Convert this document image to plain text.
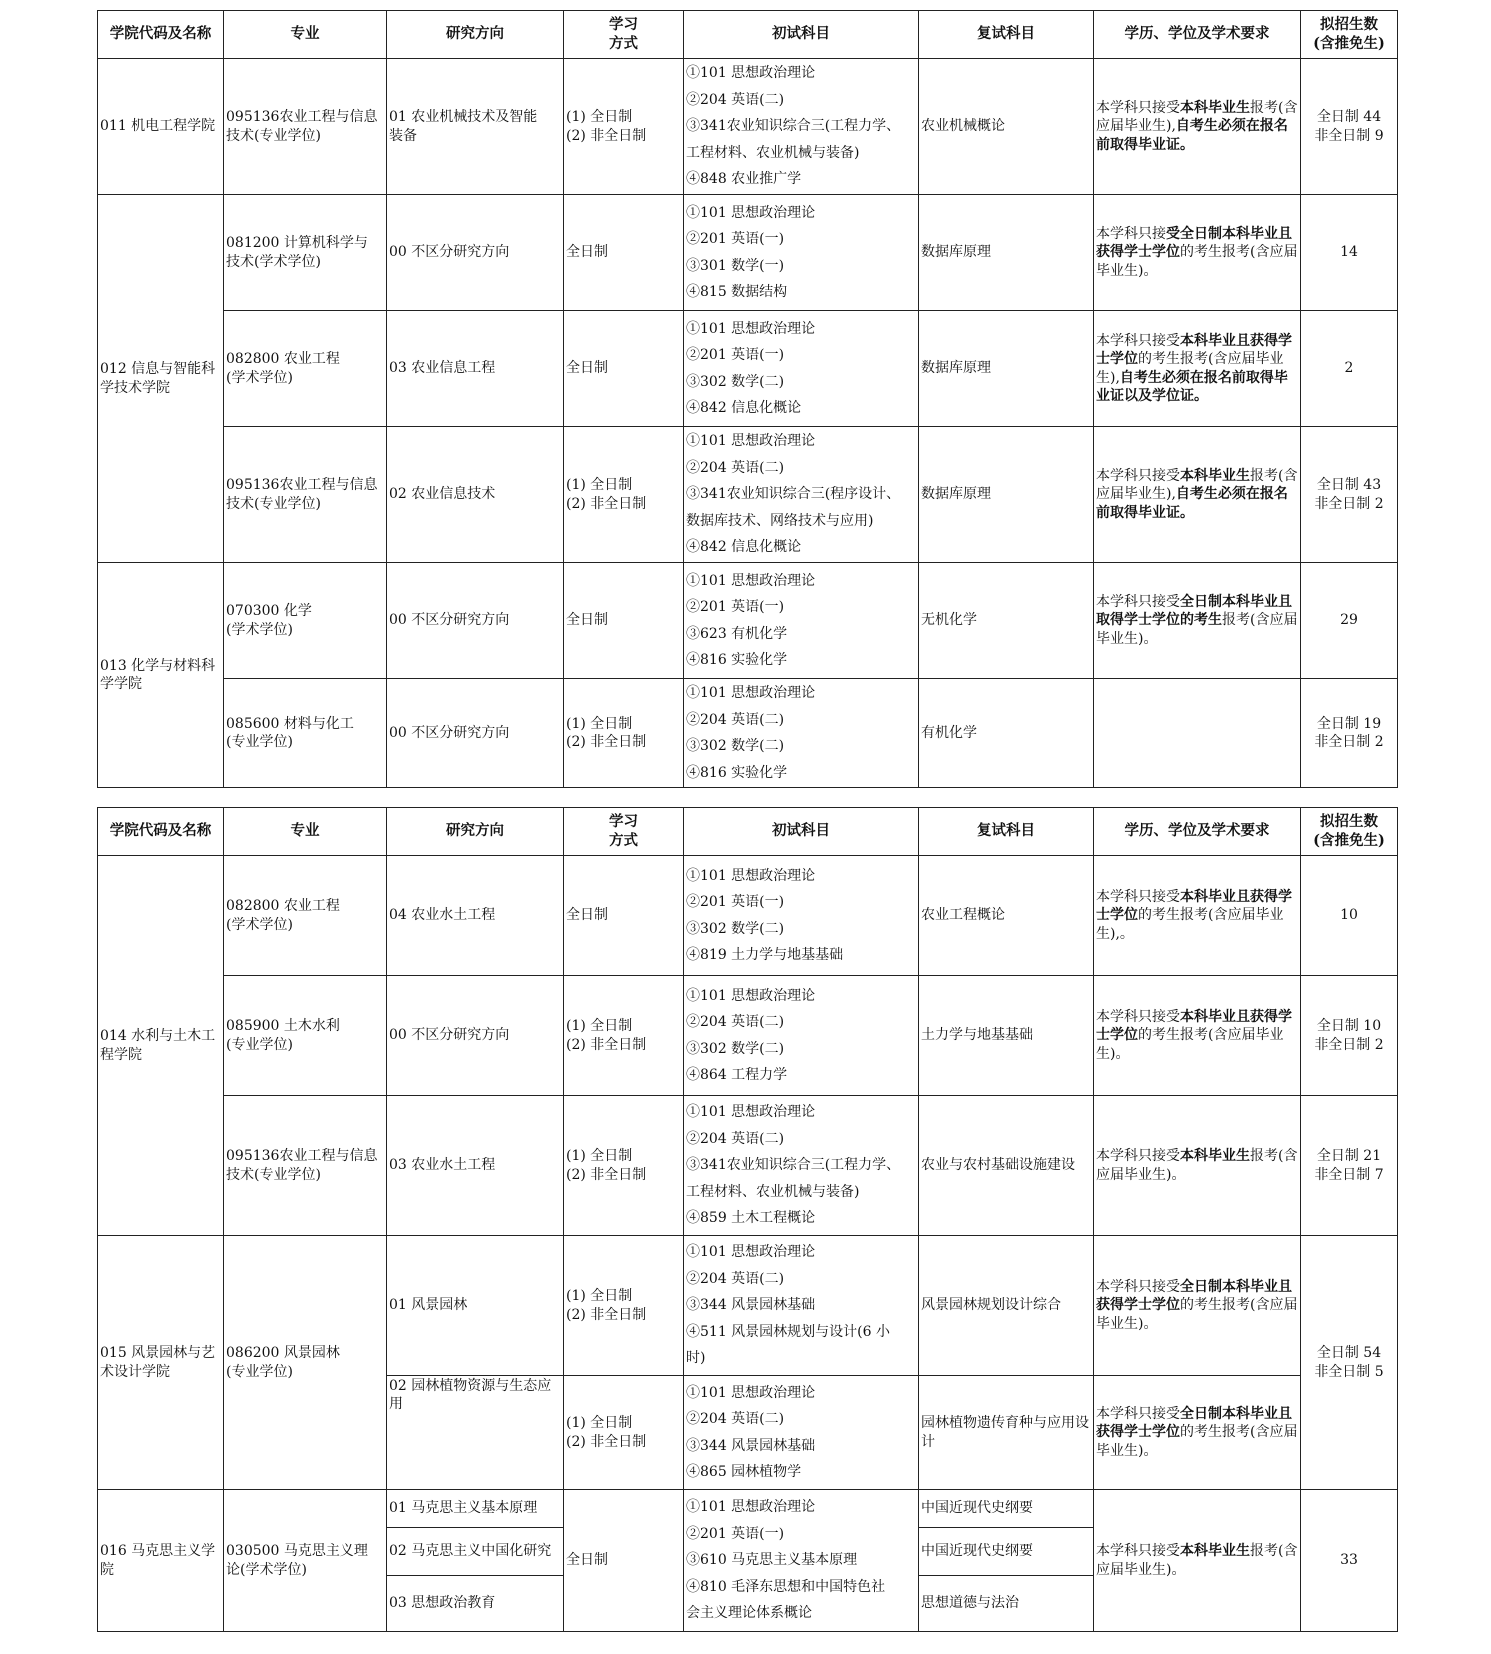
学院代码及名称	专业	研究方向	学习
方式	初试科目	复试科目	学历、学位及学术要求	拟招生数
(含推免生)

011 机电工程学院	095136农业工程与信息
技术(专业学位)	01 农业机械技术及智能
装备	(1) 全日制
(2) 非全日制	①101 思想政治理论
②204 英语(二)
③341农业知识综合三(工程力学、
工程材料、农业机械与装备)
④848 农业推广学	农业机械概论	本学科只接受本科毕业生报考(含应届毕业生),自考生必须在报名前取得毕业证。	全日制 44
非全日制 9

012 信息与智能科学技术学院	081200 计算机科学与
技术(学术学位)	00 不区分研究方向	全日制	①101 思想政治理论
②201 英语(一)
③301 数学(一)
④815 数据结构	数据库原理	本学科只接受全日制本科毕业且获得学士学位的考生报考(含应届毕业生)。	14

	082800 农业工程
(学术学位)	03 农业信息工程	全日制	①101 思想政治理论
②201 英语(一)
③302 数学(二)
④842 信息化概论	数据库原理	本学科只接受本科毕业且获得学士学位的考生报考(含应届毕业生),自考生必须在报名前取得毕业证以及学位证。	2

	095136农业工程与信息
技术(专业学位)	02 农业信息技术	(1) 全日制
(2) 非全日制	①101 思想政治理论
②204 英语(二)
③341农业知识综合三(程序设计、
数据库技术、网络技术与应用)
④842 信息化概论	数据库原理	本学科只接受本科毕业生报考(含应届毕业生),自考生必须在报名前取得毕业证。	全日制 43
非全日制 2

013 化学与材料科学学院	070300 化学
(学术学位)	00 不区分研究方向	全日制	①101 思想政治理论
②201 英语(一)
③623 有机化学
④816 实验化学	无机化学	本学科只接受全日制本科毕业且取得学士学位的考生报考(含应届毕业生)。	29

	085600 材料与化工
(专业学位)	00 不区分研究方向	(1) 全日制
(2) 非全日制	①101 思想政治理论
②204 英语(二)
③302 数学(二)
④816 实验化学	有机化学		全日制 19
非全日制 2
学院代码及名称	专业	研究方向	学习
方式	初试科目	复试科目	学历、学位及学术要求	拟招生数
(含推免生)

014 水利与土木工程学院	082800 农业工程
(学术学位)	04 农业水土工程	全日制	①101 思想政治理论
②201 英语(一)
③302 数学(二)
④819 土力学与地基基础	农业工程概论	本学科只接受本科毕业且获得学士学位的考生报考(含应届毕业生),。	10

	085900 土木水利
(专业学位)	00 不区分研究方向	(1) 全日制
(2) 非全日制	①101 思想政治理论
②204 英语(二)
③302 数学(二)
④864 工程力学	土力学与地基基础	本学科只接受本科毕业且获得学士学位的考生报考(含应届毕业生)。	全日制 10
非全日制 2

	095136农业工程与信息
技术(专业学位)	03 农业水土工程	(1) 全日制
(2) 非全日制	①101 思想政治理论
②204 英语(二)
③341农业知识综合三(工程力学、
工程材料、农业机械与装备)
④859 土木工程概论	农业与农村基础设施建设	本学科只接受本科毕业生报考(含应届毕业生)。	全日制 21
非全日制 7

015 风景园林与艺术设计学院	086200 风景园林
(专业学位)	01 风景园林	(1) 全日制
(2) 非全日制	①101 思想政治理论
②204 英语(二)
③344 风景园林基础
④511 风景园林规划与设计(6 小
时)	风景园林规划设计综合	本学科只接受全日制本科毕业且获得学士学位的考生报考(含应届毕业生)。	全日制 54
非全日制 5

		02 园林植物资源与生态应用	(1) 全日制
(2) 非全日制	①101 思想政治理论
②204 英语(二)
③344 风景园林基础
④865 园林植物学	园林植物遗传育种与应用设计	本学科只接受全日制本科毕业且获得学士学位的考生报考(含应届毕业生)。	
016 马克思主义学院	030500 马克思主义理
论(学术学位)	01 马克思主义基本原理	全日制	①101 思想政治理论
②201 英语(一)
③610 马克思主义基本原理
④810 毛泽东思想和中国特色社
会主义理论体系概论	中国近现代史纲要	本学科只接受本科毕业生报考(含应届毕业生)。	33
		02 马克思主义中国化研究			中国近现代史纲要		
		03 思想政治教育			思想道德与法治		
